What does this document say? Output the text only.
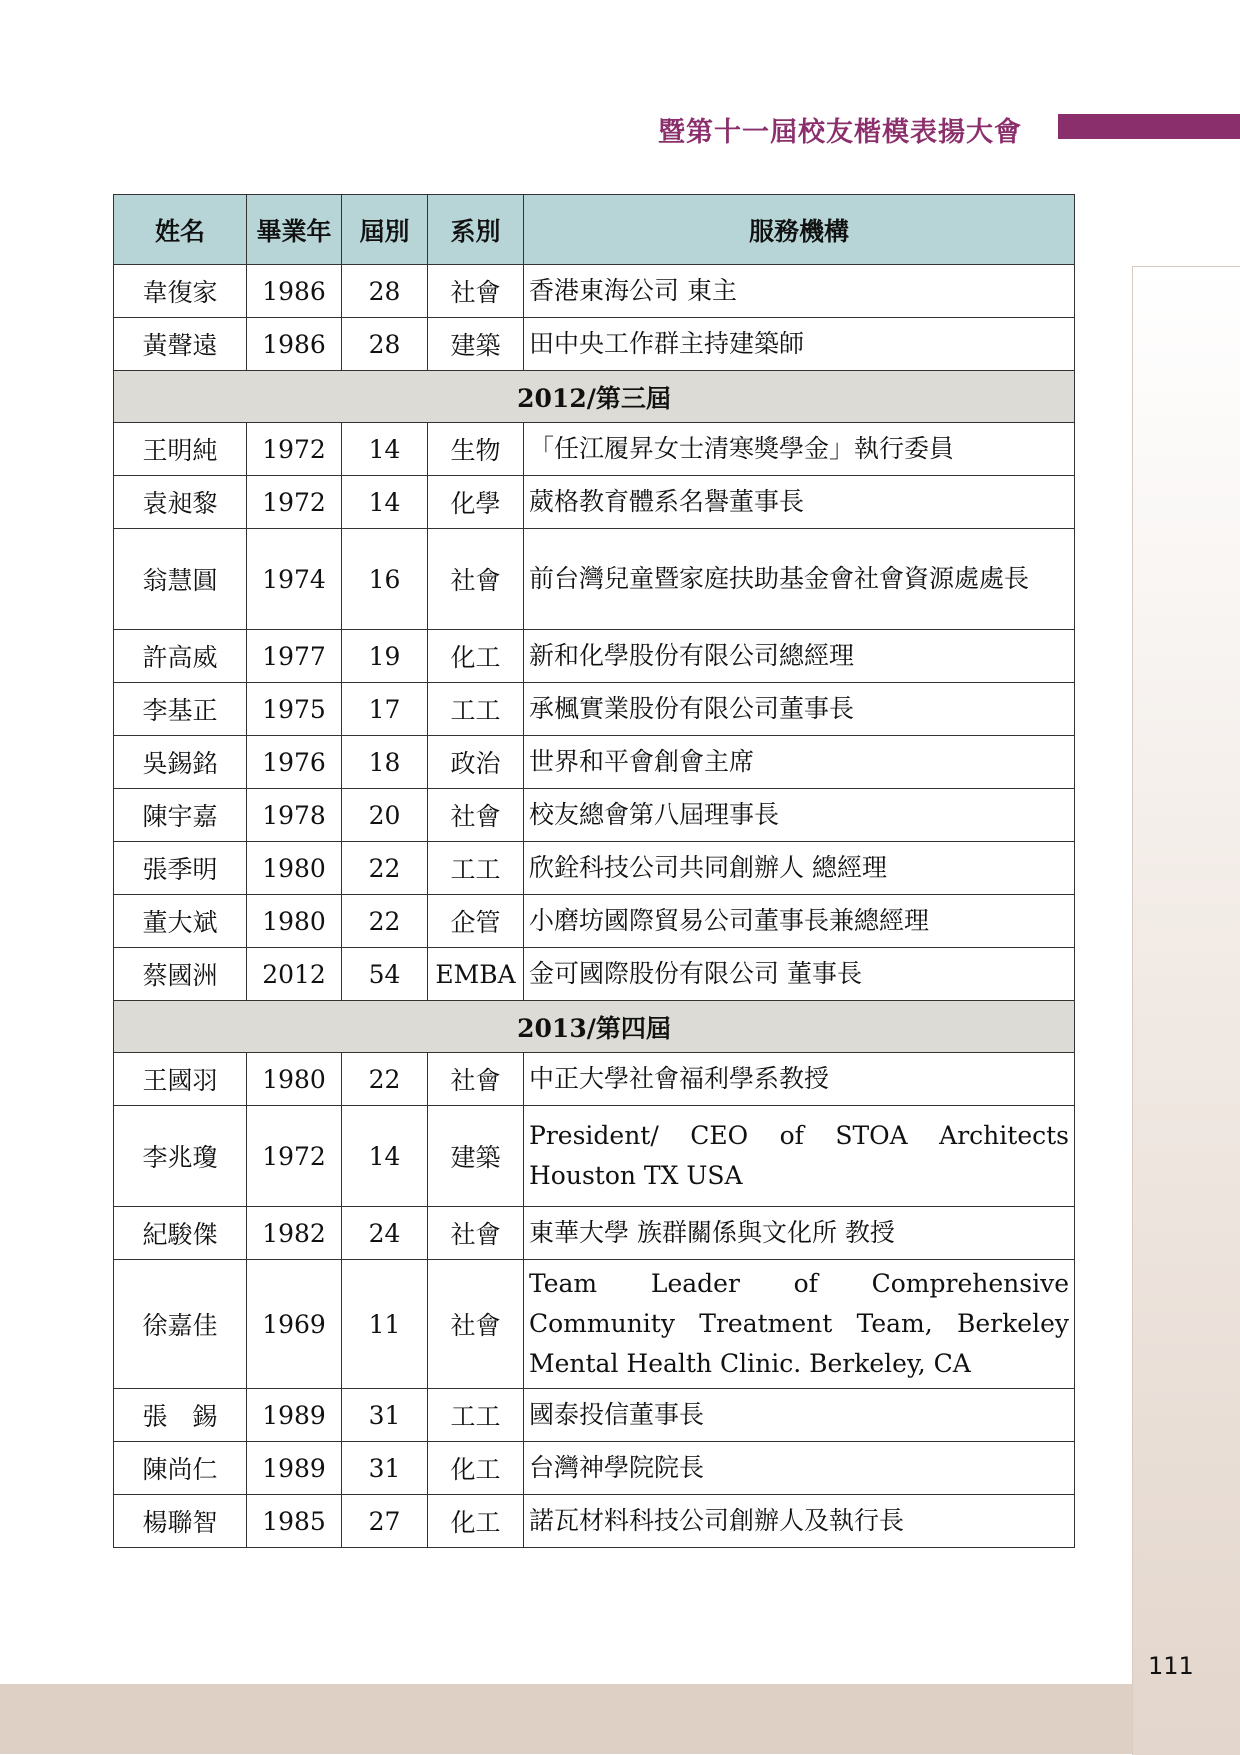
暨第十一屆校友楷模表揚大會
姓名	畢業年	屆別	系別	服務機構
韋復家	1986	28	社會	香港東海公司 東主
黃聲遠	1986	28	建築	田中央工作群主持建築師
2012/第三屆				
王明純	1972	14	生物	「任江履昇女士清寒獎學金」執行委員
袁昶黎	1972	14	化學	葳格教育體系名譽董事長
翁慧圓	1974	16	社會	前台灣兒童暨家庭扶助基金會社會資源處處長
許高威	1977	19	化工	新和化學股份有限公司總經理
李基正	1975	17	工工	承楓實業股份有限公司董事長
吳錫銘	1976	18	政治	世界和平會創會主席
陳宇嘉	1978	20	社會	校友總會第八屆理事長
張季明	1980	22	工工	欣銓科技公司共同創辦人 總經理
董大斌	1980	22	企管	小磨坊國際貿易公司董事長兼總經理
蔡國洲	2012	54	EMBA	金可國際股份有限公司 董事長
2013/第四屆				
王國羽	1980	22	社會	中正大學社會福利學系教授
李兆瓊	1972	14	建築	President/ CEO of STOA Architects Houston TX USA
紀駿傑	1982	24	社會	東華大學 族群關係與文化所 教授
徐嘉佳	1969	11	社會	Team Leader of Comprehensive Community Treatment Team, Berkeley Mental Health Clinic. Berkeley, CA
張　錫	1989	31	工工	國泰投信董事長
陳尚仁	1989	31	化工	台灣神學院院長
楊聯智	1985	27	化工	諾瓦材料科技公司創辦人及執行長
111
